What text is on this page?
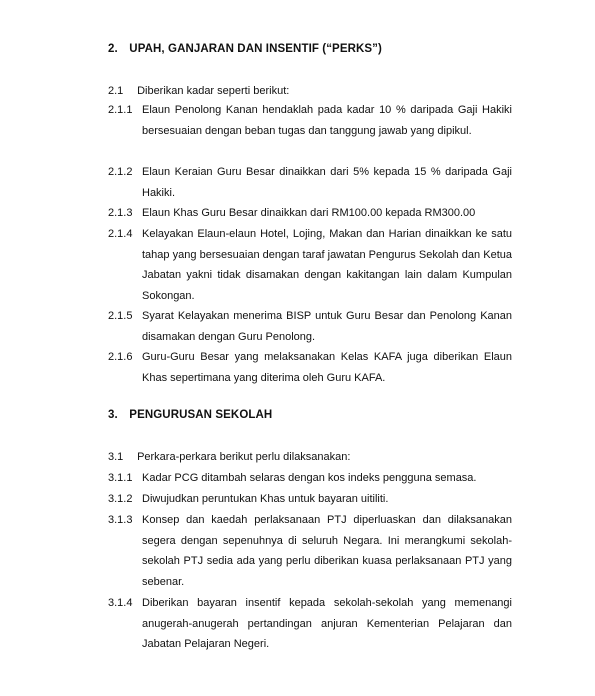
2. UPAH, GANJARAN DAN INSENTIF (“PERKS”)
2.1 Diberikan kadar seperti berikut:
2.1.1 Elaun Penolong Kanan hendaklah pada kadar 10 % daripada Gaji Hakiki bersesuaian dengan beban tugas dan tanggung jawab yang dipikul.
2.1.2 Elaun Keraian Guru Besar dinaikkan dari 5% kepada 15 % daripada Gaji Hakiki.
2.1.3 Elaun Khas Guru Besar dinaikkan dari RM100.00 kepada RM300.00
2.1.4 Kelayakan Elaun-elaun Hotel, Lojing, Makan dan Harian dinaikkan ke satu tahap yang bersesuaian dengan taraf jawatan Pengurus Sekolah dan Ketua Jabatan yakni tidak disamakan dengan kakitangan lain dalam Kumpulan Sokongan.
2.1.5 Syarat Kelayakan menerima BISP untuk Guru Besar dan Penolong Kanan disamakan dengan Guru Penolong.
2.1.6 Guru-Guru Besar yang melaksanakan Kelas KAFA juga diberikan Elaun Khas sepertimana yang diterima oleh Guru KAFA.
3. PENGURUSAN SEKOLAH
3.1 Perkara-perkara berikut perlu dilaksanakan:
3.1.1 Kadar PCG ditambah selaras dengan kos indeks pengguna semasa.
3.1.2 Diwujudkan peruntukan Khas untuk bayaran uitiliti.
3.1.3 Konsep dan kaedah perlaksanaan PTJ diperluaskan dan dilaksanakan segera dengan sepenuhnya di seluruh Negara. Ini merangkumi sekolah-sekolah PTJ sedia ada yang perlu diberikan kuasa perlaksanaan PTJ yang sebenar.
3.1.4 Diberikan bayaran insentif kepada sekolah-sekolah yang memenangi anugerah-anugerah pertandingan anjuran Kementerian Pelajaran dan Jabatan Pelajaran Negeri.
